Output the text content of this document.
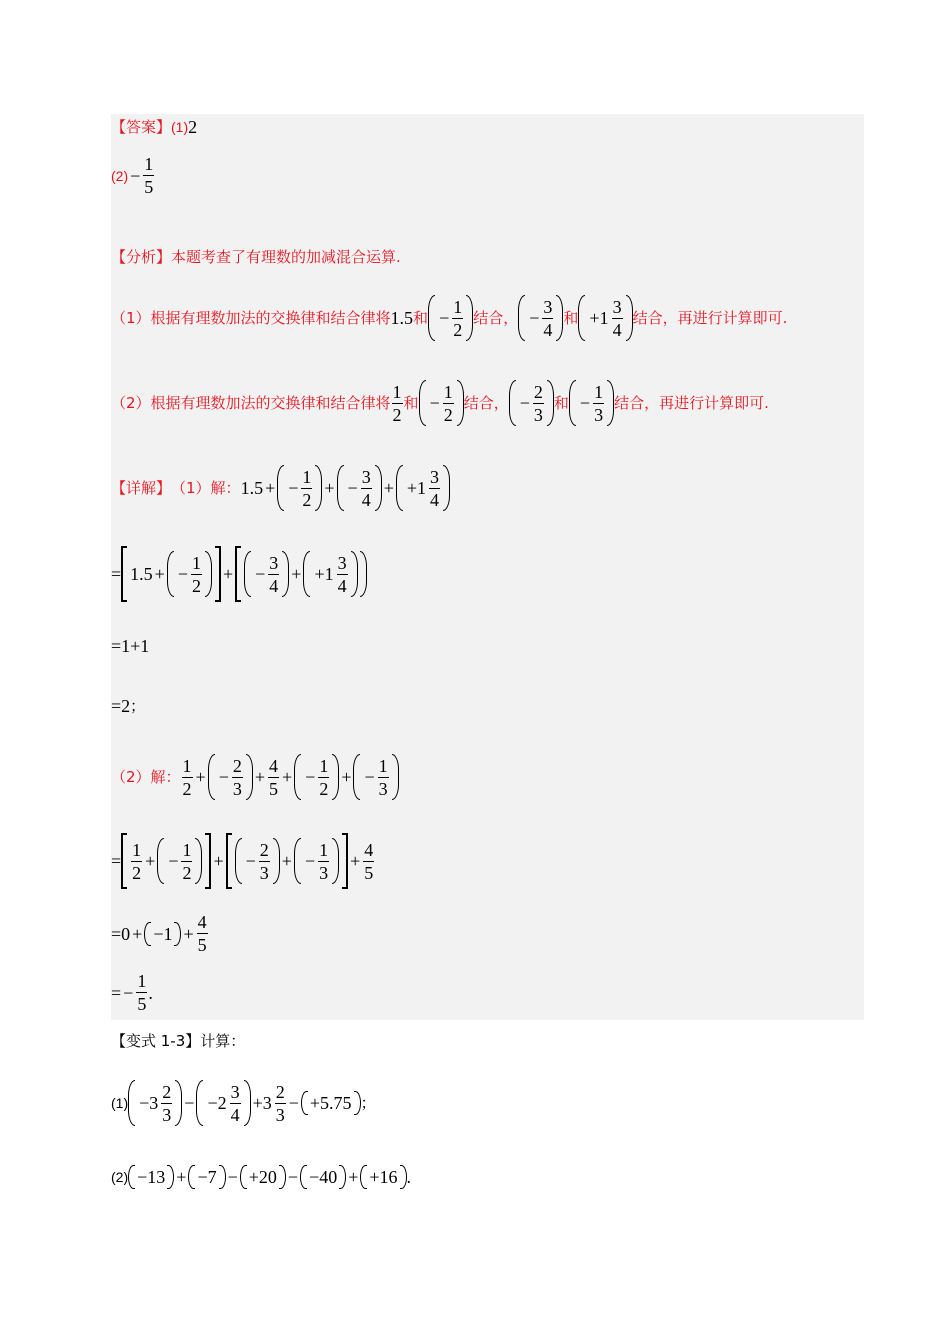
【答案】 (1) 2
$(2) - \frac{1}{5}$
【分析】 本题考查了有理数的加减混合运算.
（1）根据有理数加法的交换律和结合律将 1.5 和 − $\frac{1}{2}$ 结合， − $\frac{3}{4}$ 和 $+1 \frac{3}{4}$ 结合，再进行计算即可.
（2）根据有理数加法的交换律和结合律将 $\frac{1}{2}$ 和 − $\frac{1}{2}$ 结合， − $\frac{2}{3}$ 和 − $\frac{1}{3}$ 结合，再进行计算即可.
【详解】 （1）解： 1.5 + − $\frac{1}{2}$ + − $\frac{3}{4} + +1 \frac{3}{4}$
= 1.5 + − $\frac{1}{2}$ + − $\frac{3}{4} + +1 \frac{3}{4}$
= 1+1
= 2 ；
（2）解： $\frac{1}{2}$ + − $\frac{2}{3} + \frac{4}{5}$ + − $\frac{1}{2}$ + − $\frac{1}{3}$
= $\frac{1}{2}$ + − $\frac{1}{2}$ + − $\frac{2}{3}$ + − $\frac{1}{3} + \frac{4}{5}$
= $0 + -1 + \frac{4}{5}$
= − $\frac{1}{5}$ .
【变式 1-3】 计算：
$(1) -3 \frac{2}{3} - -2 \frac{3}{4} +3 \frac{2}{3} - +5.75$ ；
(2) −13 + −7 − +20 − −40 + +16 .
